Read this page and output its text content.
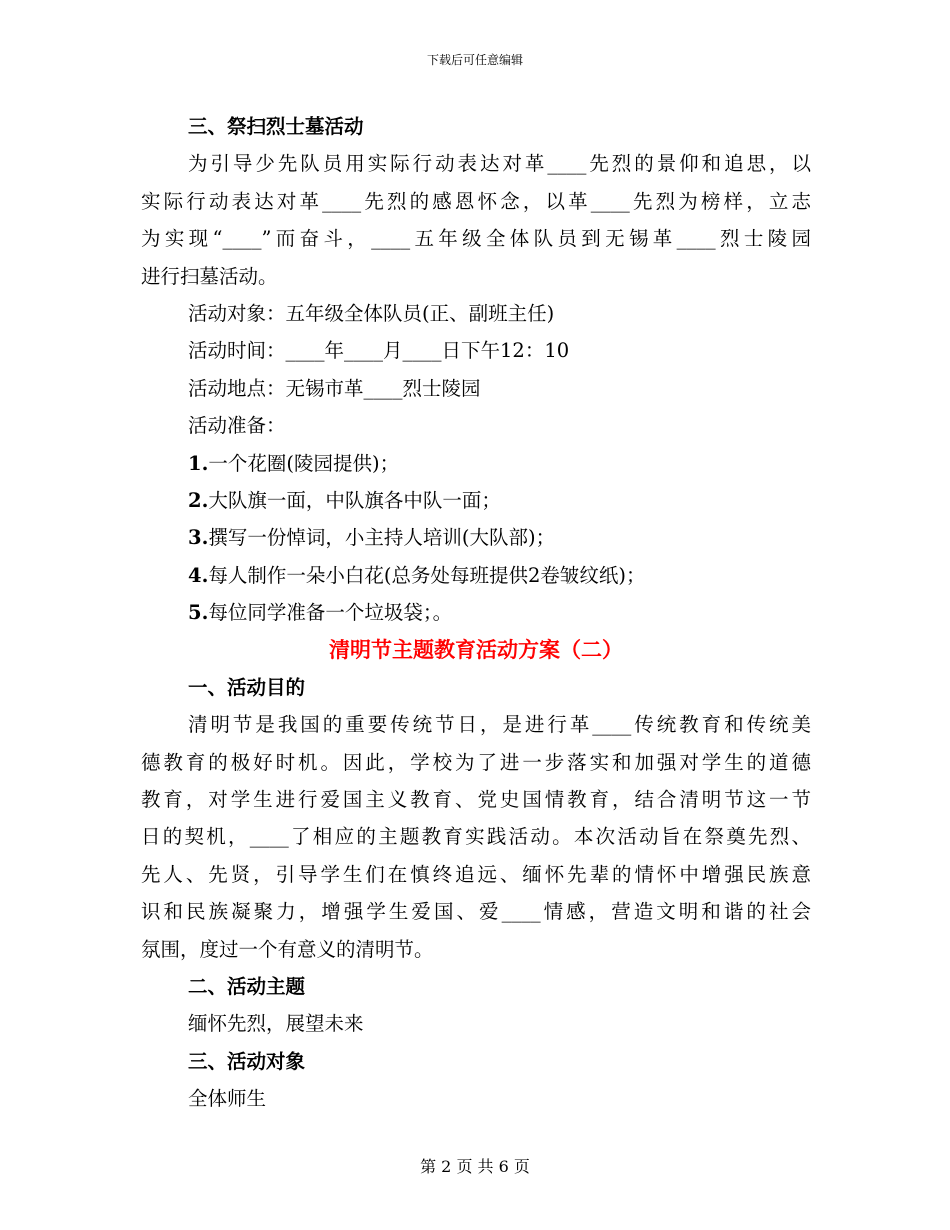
下载后可任意编辑
三、祭扫烈士墓活动
为引导少先队员用实际行动表达对革____先烈的景仰和追思，以
实际行动表达对革____先烈的感恩怀念，以革____先烈为榜样，立志
为实现“____”而奋斗，____五年级全体队员到无锡革____烈士陵园
进行扫墓活动。
活动对象：五年级全体队员(正、副班主任)
活动时间：____年____月____日下午12：10
活动地点：无锡市革____烈士陵园
活动准备：
1.一个花圈(陵园提供)；
2.大队旗一面，中队旗各中队一面；
3.撰写一份悼词，小主持人培训(大队部)；
4.每人制作一朵小白花(总务处每班提供2卷皱纹纸)；
5.每位同学准备一个垃圾袋；。
清明节主题教育活动方案（二）
一、活动目的
清明节是我国的重要传统节日，是进行革____传统教育和传统美
德教育的极好时机。因此，学校为了进一步落实和加强对学生的道德
教育，对学生进行爱国主义教育、党史国情教育，结合清明节这一节
日的契机，____了相应的主题教育实践活动。本次活动旨在祭奠先烈、
先人、先贤，引导学生们在慎终追远、缅怀先辈的情怀中增强民族意
识和民族凝聚力，增强学生爱国、爱____情感，营造文明和谐的社会
氛围，度过一个有意义的清明节。
二、活动主题
缅怀先烈，展望未来
三、活动对象
全体师生
第 2 页 共 6 页
